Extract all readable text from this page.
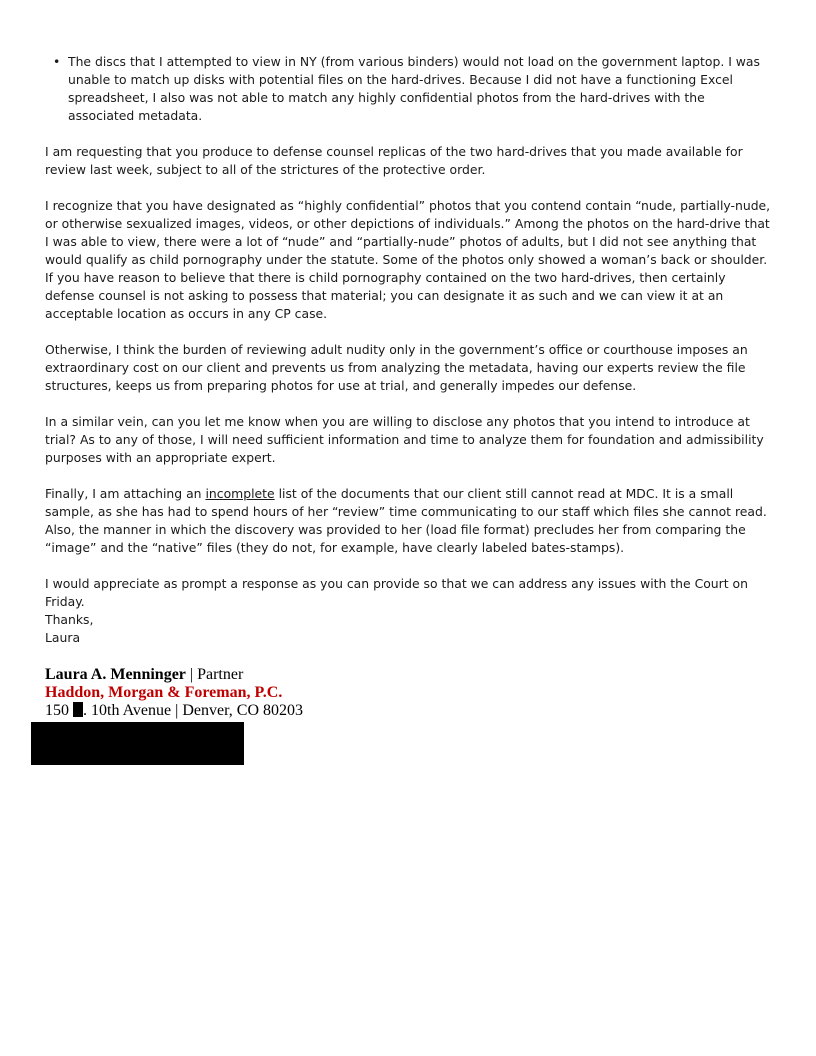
• The discs that I attempted to view in NY (from various binders) would not load on the government laptop. I was unable to match up disks with potential files on the hard-drives. Because I did not have a functioning Excel spreadsheet, I also was not able to match any highly confidential photos from the hard-drives with the associated metadata.

I am requesting that you produce to defense counsel replicas of the two hard-drives that you made available for review last week, subject to all of the strictures of the protective order.

I recognize that you have designated as “highly confidential” photos that you contend contain “nude, partially-nude, or otherwise sexualized images, videos, or other depictions of individuals.” Among the photos on the hard-drive that I was able to view, there were a lot of “nude” and “partially-nude” photos of adults, but I did not see anything that would qualify as child pornography under the statute. Some of the photos only showed a woman’s back or shoulder. If you have reason to believe that there is child pornography contained on the two hard-drives, then certainly defense counsel is not asking to possess that material; you can designate it as such and we can view it at an acceptable location as occurs in any CP case.

Otherwise, I think the burden of reviewing adult nudity only in the government’s office or courthouse imposes an extraordinary cost on our client and prevents us from analyzing the metadata, having our experts review the file structures, keeps us from preparing photos for use at trial, and generally impedes our defense.

In a similar vein, can you let me know when you are willing to disclose any photos that you intend to introduce at trial? As to any of those, I will need sufficient information and time to analyze them for foundation and admissibility purposes with an appropriate expert.

Finally, I am attaching an incomplete list of the documents that our client still cannot read at MDC. It is a small sample, as she has had to spend hours of her “review” time communicating to our staff which files she cannot read. Also, the manner in which the discovery was provided to her (load file format) precludes her from comparing the “image” and the “native” files (they do not, for example, have clearly labeled bates-stamps).

I would appreciate as prompt a response as you can provide so that we can address any issues with the Court on Friday.

Thanks,

Laura

Laura A. Menninger | Partner
Haddon, Morgan & Foreman, P.C.
150 . 10th Avenue | Denver, CO 80203
